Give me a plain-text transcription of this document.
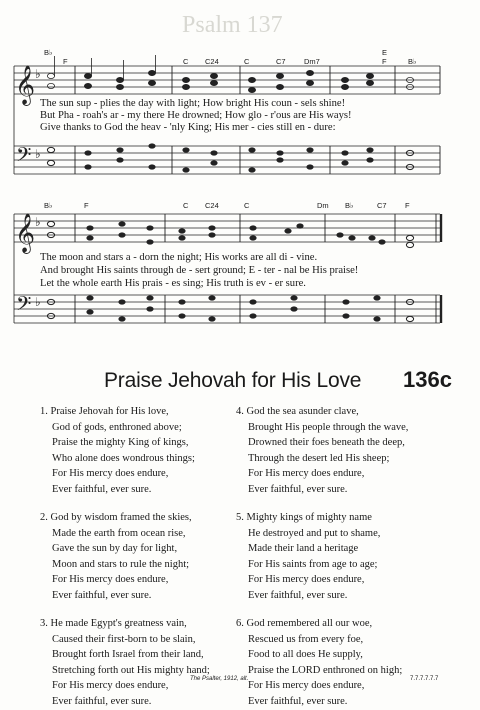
Psalm 137
𝄞
𝄢
𝄞
𝄢
♭
♭
♭
♭
B♭
F	C C24	C	C7 Dm7
E
F	B♭
The sun sup - plies the day with light; How bright His coun - sels shine!
But Pha - roah's ar - my there He drowned; How glo - r'ous are His ways!
Give thanks to God the heav - 'nly King; His mer - cies still en - dure:
B♭	F	C C24	C	Dm B♭	C7 F
The moon and stars a - dorn the night; His works are all di - vine.
And brought His saints through de - sert ground; E - ter - nal be His praise!
Let the whole earth His prais - es sing; His truth is ev - er sure.
Praise Jehovah for His Love 136c
1. Praise Jehovah for His love,
God of gods, enthroned above;
Praise the mighty King of kings,
Who alone does wondrous things;
For His mercy does endure,
Ever faithful, ever sure.
2. God by wisdom framed the skies,
Made the earth from ocean rise,
Gave the sun by day for light,
Moon and stars to rule the night;
For His mercy does endure,
Ever faithful, ever sure.
3. He made Egypt's greatness vain,
Caused their first-born to be slain,
Brought forth Israel from their land,
Stretching forth out His mighty hand;
For His mercy does endure,
Ever faithful, ever sure.
4. God the sea asunder clave,
Brought His people through the wave,
Drowned their foes beneath the deep,
Through the desert led His sheep;
For His mercy does endure,
Ever faithful, ever sure.
5. Mighty kings of mighty name
He destroyed and put to shame,
Made their land a heritage
For His saints from age to age;
For His mercy does endure,
Ever faithful, ever sure.
6. God remembered all our woe,
Rescued us from every foe,
Food to all does He supply,
Praise the LORD enthroned on high;
For His mercy does endure,
Ever faithful, ever sure.
The Psalter, 1912, alt.	7.7.7.7.7.7
